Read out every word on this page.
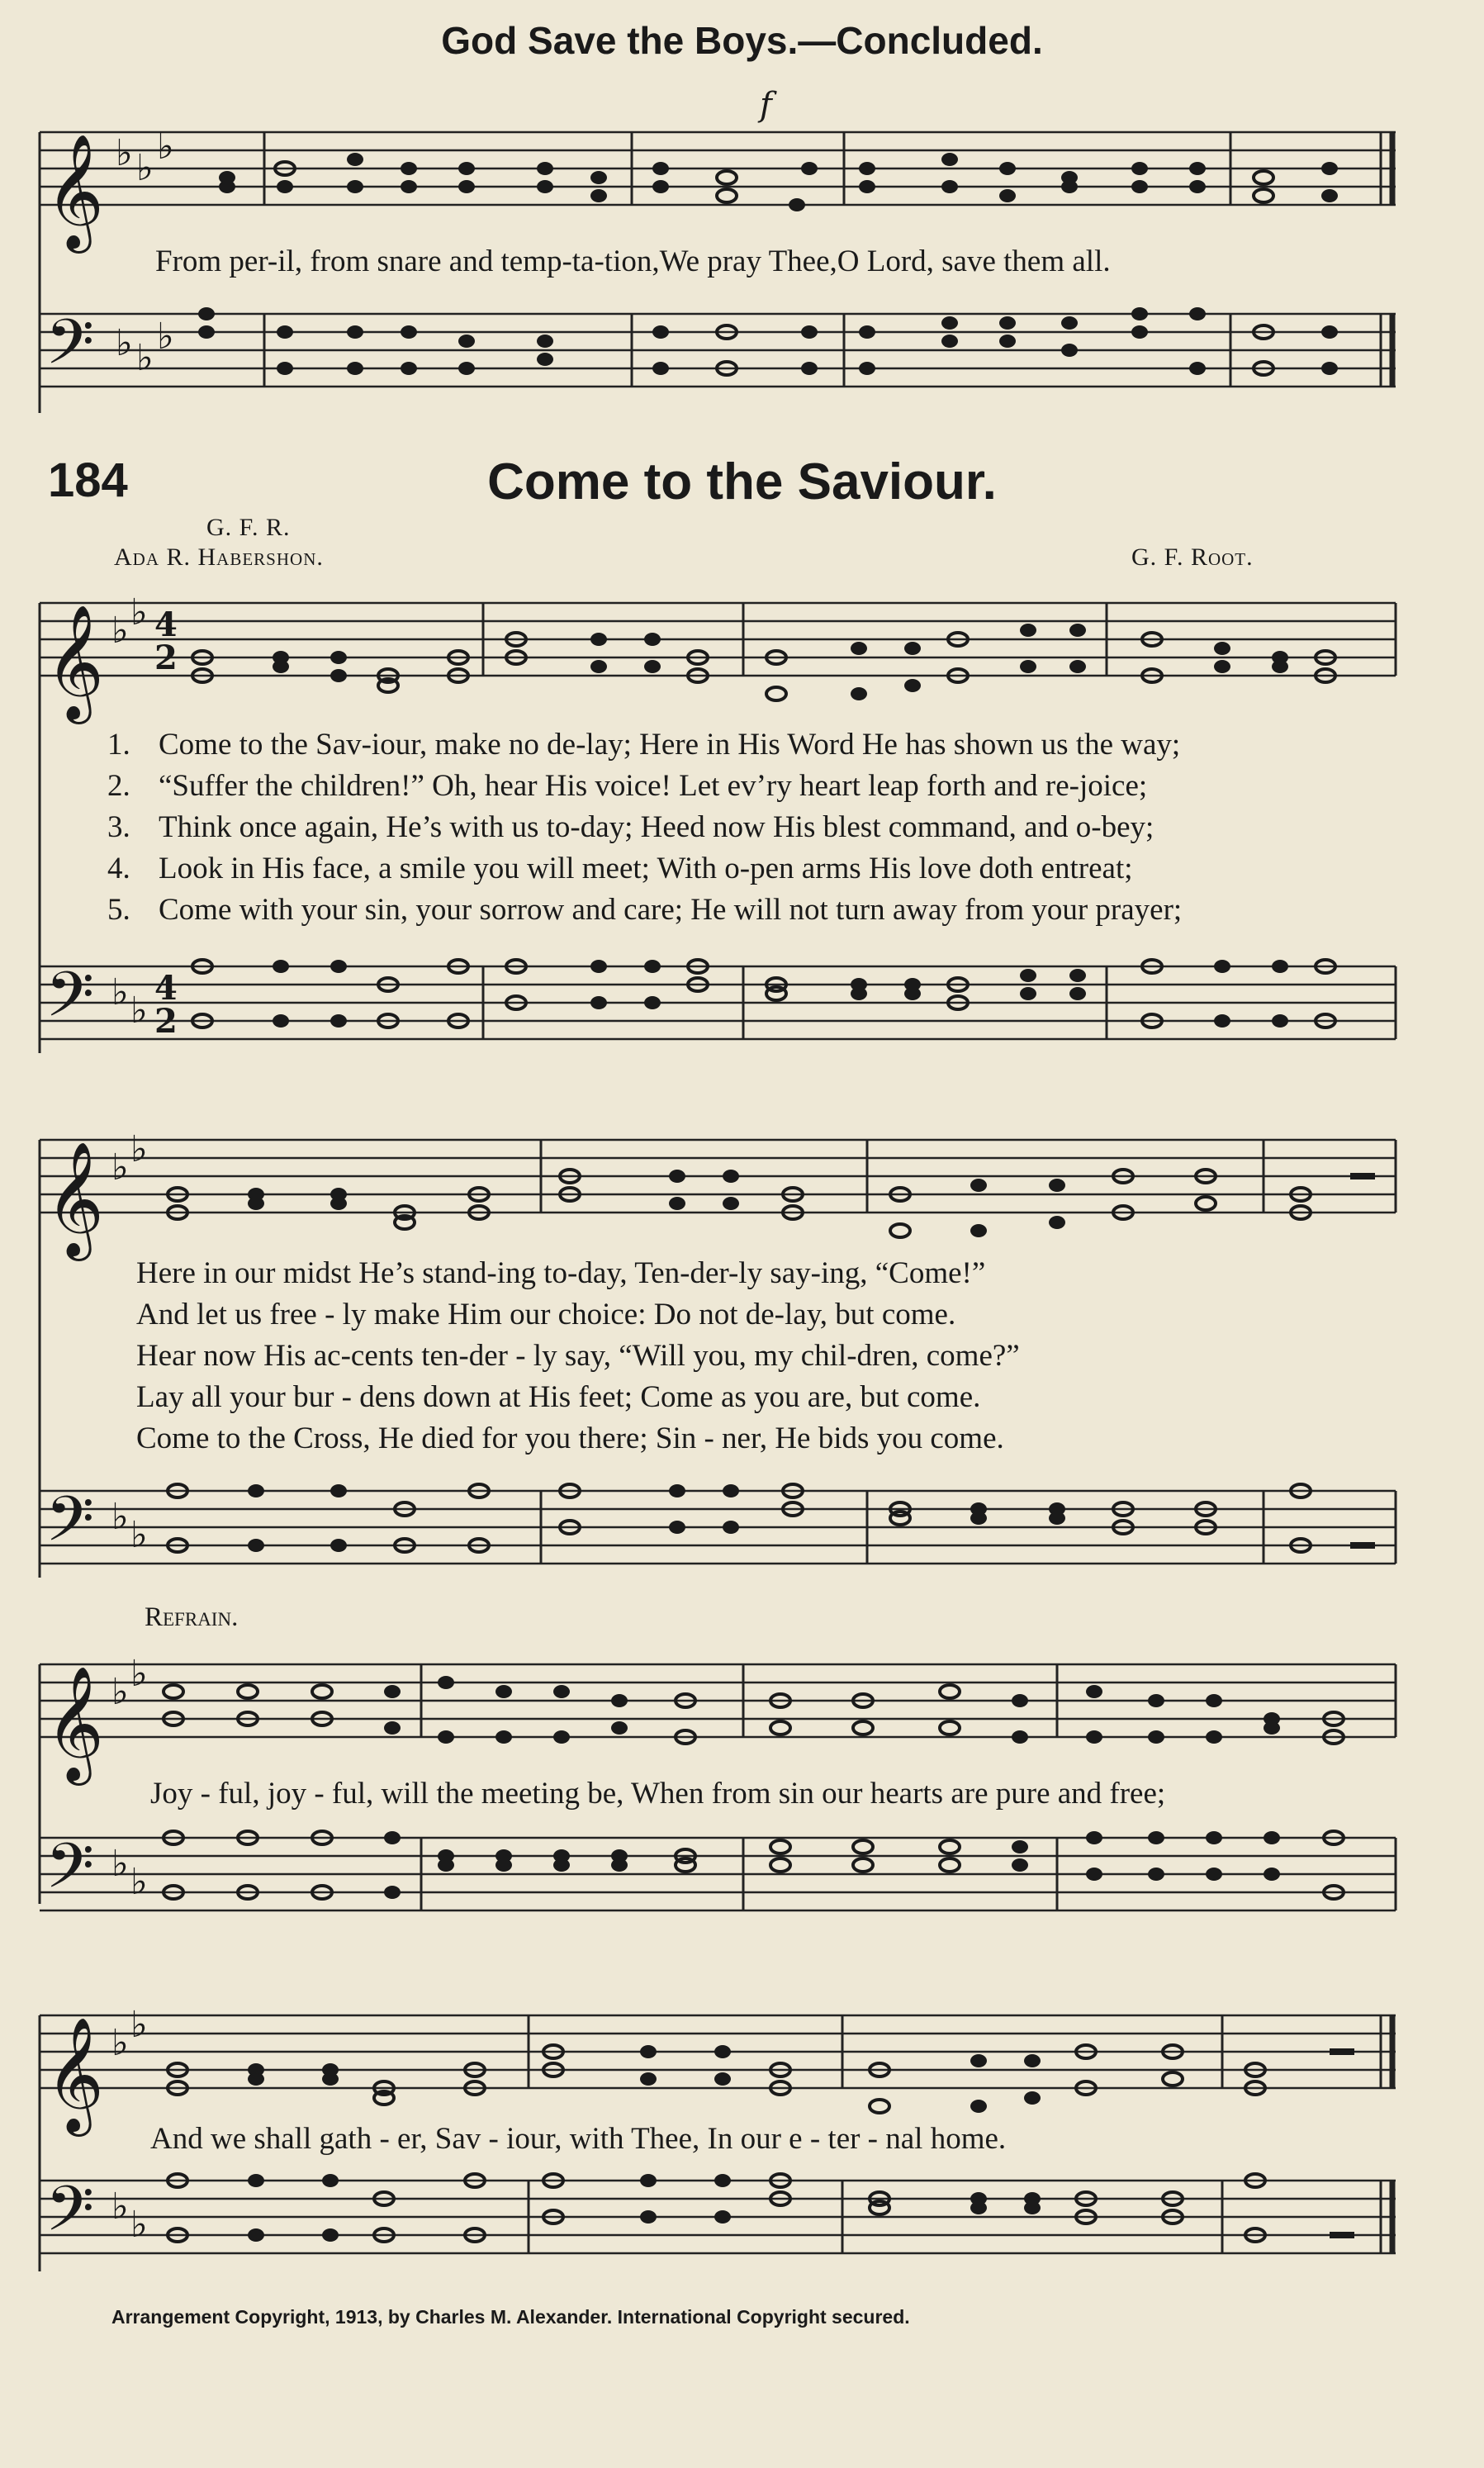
God Save the Boys.—Concluded.
𝄞 ♭ ♭
♭
f
From per-il, from snare and temp-ta-tion,We pray Thee,O Lord, save them all.
𝄢 ♭ ♭
♭
184	Come to the Saviour.
G. F. R.
Ada R. Habershon.	G. F. Root.
𝄞 ♭ ♭ 4
2
1. Come to the Sav-iour, make no de-lay; Here in His Word He has shown us the way;
2. “Suffer the children!” Oh, hear His voice! Let ev’ry heart leap forth and re-joice;
3. Think once again, He’s with us to-day; Heed now His blest command, and o-bey;
4. Look in His face, a smile you will meet; With o-pen arms His love doth entreat;
5. Come with your sin, your sorrow and care; He will not turn away from your prayer;
𝄢 ♭ ♭
4
2
𝄞 ♭ ♭
Here in our midst He’s stand-ing to-day, Ten-der-ly say-ing, “Come!”
And let us free - ly make Him our choice: Do not de-lay, but come.
Hear now His ac-cents ten-der - ly say, “Will you, my chil-dren, come?”
Lay all your bur - dens down at His feet; Come as you are, but come.
Come to the Cross, He died for you there; Sin - ner, He bids you come.
𝄢 ♭ ♭
Refrain.
𝄞 ♭ ♭
Joy - ful, joy - ful, will the meeting be, When from sin our hearts are pure and free;
𝄢 ♭ ♭
𝄞 ♭ ♭
And we shall gath - er, Sav - iour, with Thee, In our e - ter - nal home.
𝄢 ♭ ♭
Arrangement Copyright, 1913, by Charles M. Alexander. International Copyright secured.
